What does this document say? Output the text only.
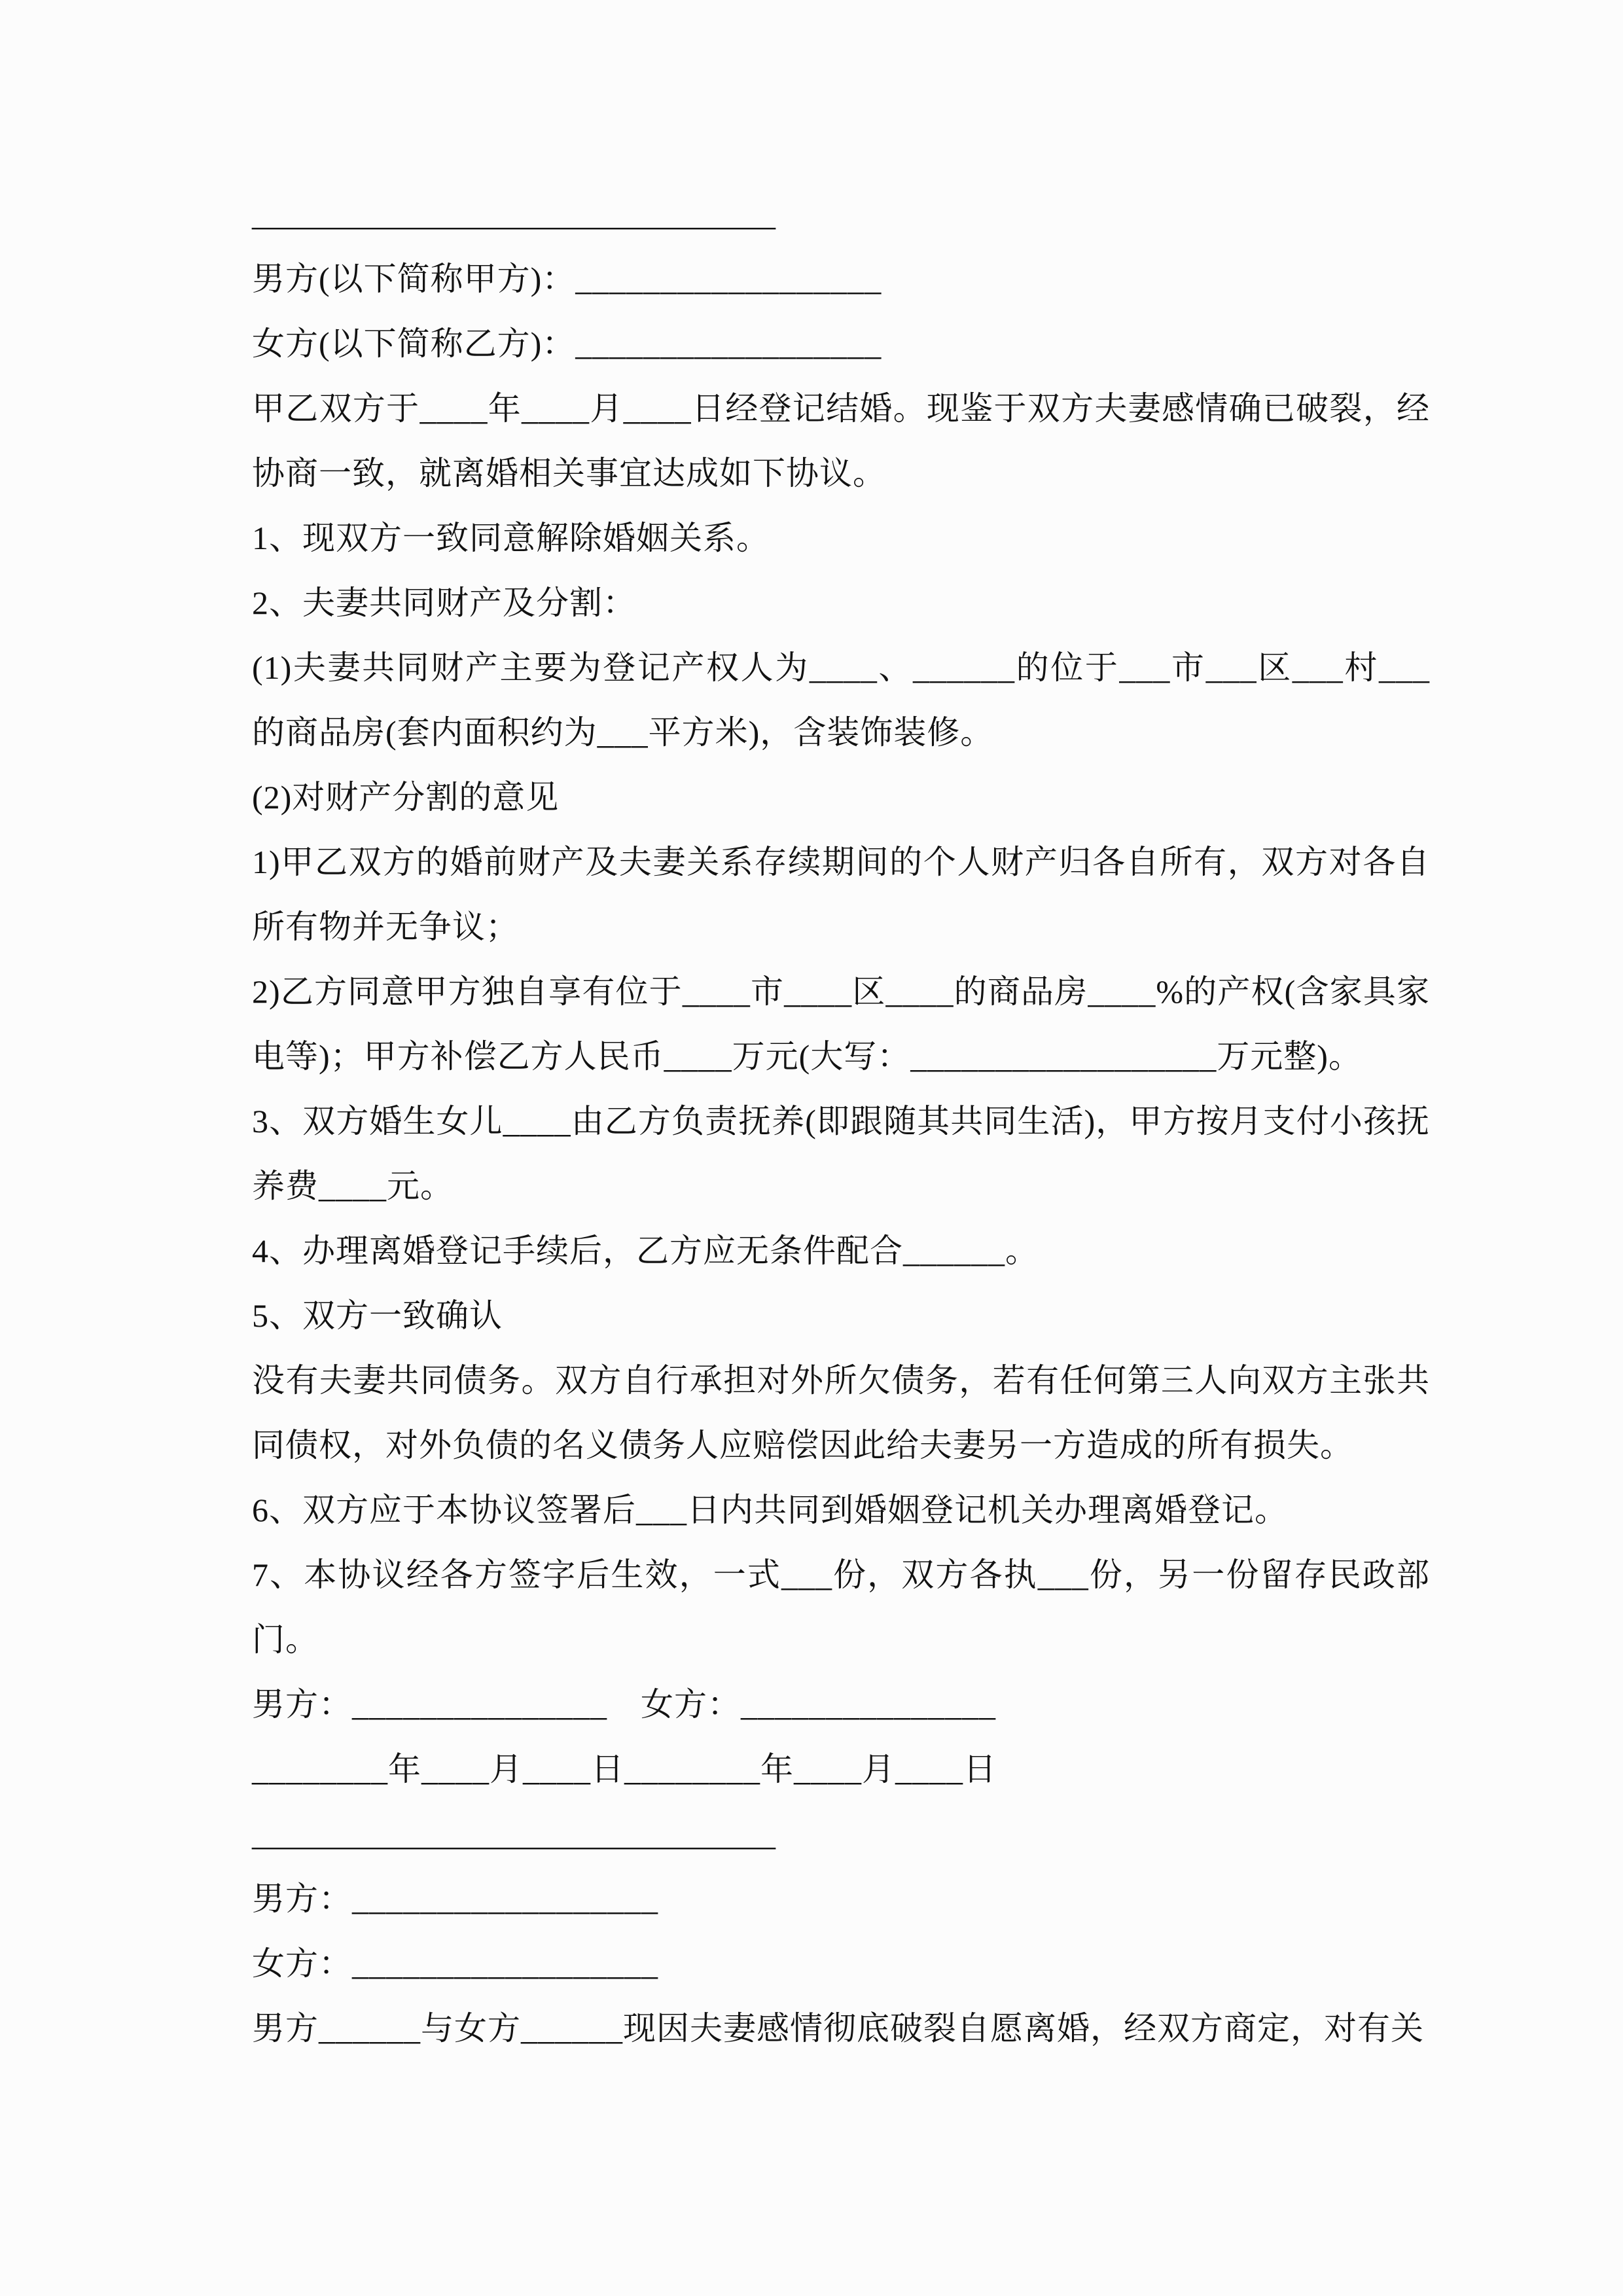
________________________________

男方(以下简称甲方)：__________________

女方(以下简称乙方)：__________________

甲乙双方于____年____月____日经登记结婚。现鉴于双方夫妻感情确已破裂，经协商一致，就离婚相关事宜达成如下协议。

1、现双方一致同意解除婚姻关系。

2、夫妻共同财产及分割：

(1)夫妻共同财产主要为登记产权人为____、______的位于___市___区___村___的商品房(套内面积约为___平方米)，含装饰装修。

(2)对财产分割的意见

1)甲乙双方的婚前财产及夫妻关系存续期间的个人财产归各自所有，双方对各自所有物并无争议；

2)乙方同意甲方独自享有位于____市____区____的商品房____%的产权(含家具家电等)；甲方补偿乙方人民币____万元(大写：__________________万元整)。

3、双方婚生女儿____由乙方负责抚养(即跟随其共同生活)，甲方按月支付小孩抚养费____元。

4、办理离婚登记手续后，乙方应无条件配合______。

5、双方一致确认

没有夫妻共同债务。双方自行承担对外所欠债务，若有任何第三人向双方主张共同债权，对外负债的名义债务人应赔偿因此给夫妻另一方造成的所有损失。

6、双方应于本协议签署后___日内共同到婚姻登记机关办理离婚登记。

7、本协议经各方签字后生效，一式___份，双方各执___份，另一份留存民政部门。

男方：_______________　女方：_______________

________年____月____日________年____月____日

________________________________

男方：__________________

女方：__________________

男方______与女方______现因夫妻感情彻底破裂自愿离婚，经双方商定，对有关
